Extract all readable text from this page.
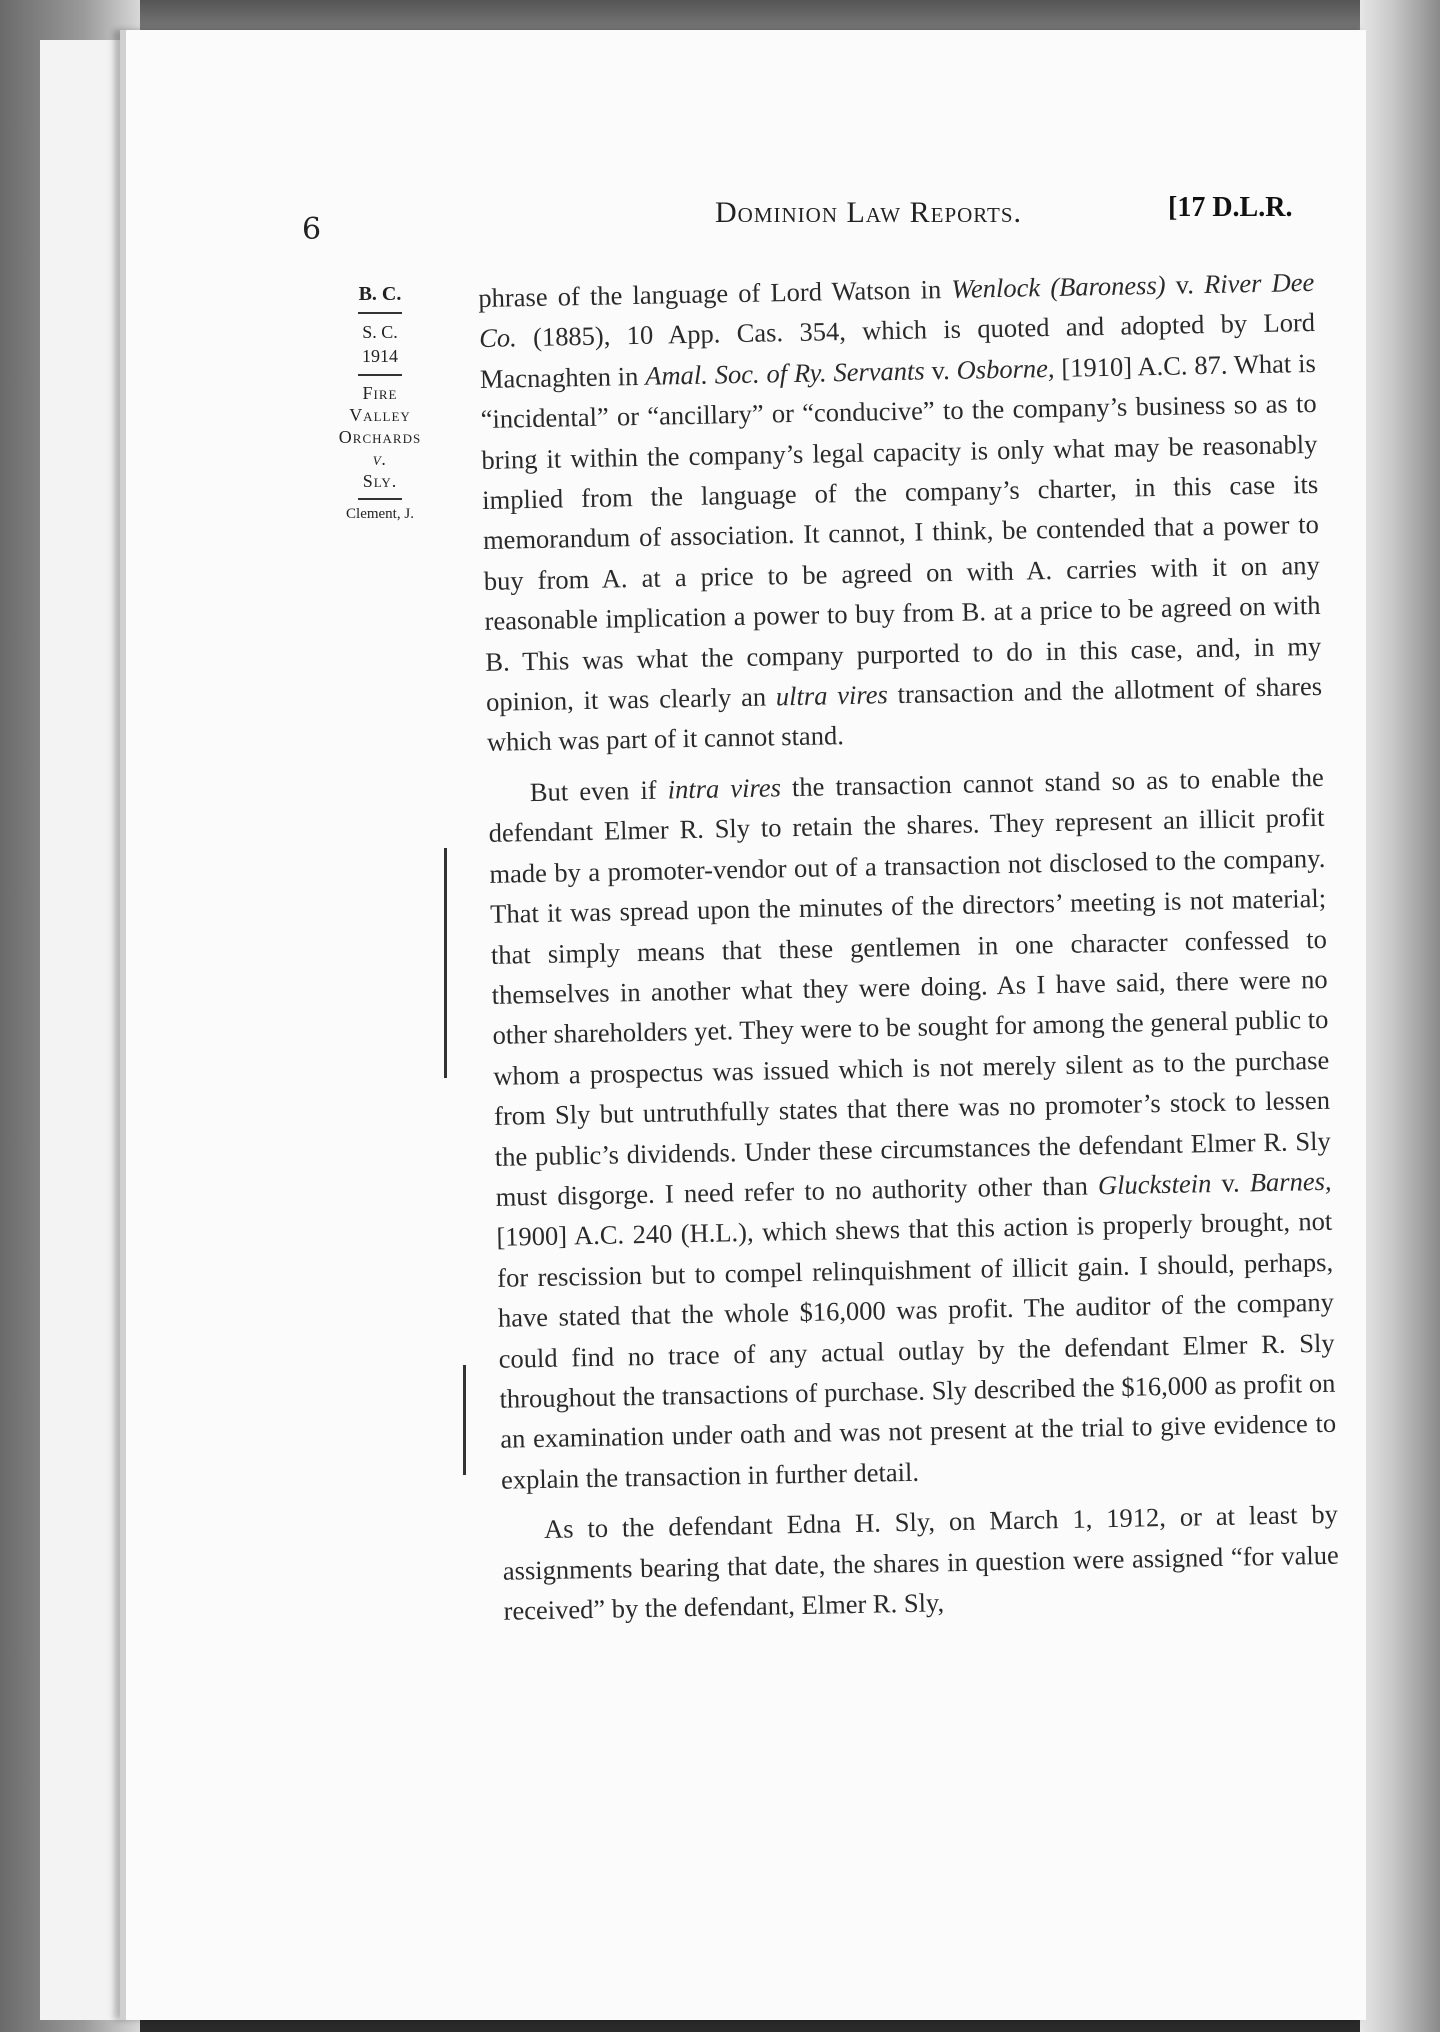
6	Dominion Law Reports.	[17 D.L.R.
B. C.
S. C.
1914
Fire
Valley
Orchards
v.
Sly.
Clement, J.

phrase of the language of Lord Watson in Wenlock (Baroness) v. River Dee Co. (1885), 10 App. Cas. 354, which is quoted and adopted by Lord Macnaghten in Amal. Soc. of Ry. Servants v. Osborne, [1910] A.C. 87. What is “incidental” or “ancillary” or “conducive” to the company’s business so as to bring it within the company’s legal capacity is only what may be reasonably implied from the language of the company’s charter, in this case its memorandum of association. It cannot, I think, be contended that a power to buy from A. at a price to be agreed on with A. carries with it on any reasonable implication a power to buy from B. at a price to be agreed on with B. This was what the company purported to do in this case, and, in my opinion, it was clearly an ultra vires transaction and the allotment of shares which was part of it cannot stand.

But even if intra vires the transaction cannot stand so as to enable the defendant Elmer R. Sly to retain the shares. They represent an illicit profit made by a promoter-vendor out of a transaction not disclosed to the company. That it was spread upon the minutes of the directors’ meeting is not material; that simply means that these gentlemen in one character confessed to themselves in another what they were doing. As I have said, there were no other shareholders yet. They were to be sought for among the general public to whom a prospectus was issued which is not merely silent as to the purchase from Sly but untruthfully states that there was no promoter’s stock to lessen the public’s dividends. Under these circumstances the defendant Elmer R. Sly must disgorge. I need refer to no authority other than Gluckstein v. Barnes, [1900] A.C. 240 (H.L.), which shews that this action is properly brought, not for rescission but to compel relinquishment of illicit gain. I should, perhaps, have stated that the whole $16,000 was profit. The auditor of the company could find no trace of any actual outlay by the defendant Elmer R. Sly throughout the transactions of purchase. Sly described the $16,000 as profit on an examination under oath and was not present at the trial to give evidence to explain the transaction in further detail.

As to the defendant Edna H. Sly, on March 1, 1912, or at least by assignments bearing that date, the shares in question were assigned “for value received” by the defendant, Elmer R. Sly,
